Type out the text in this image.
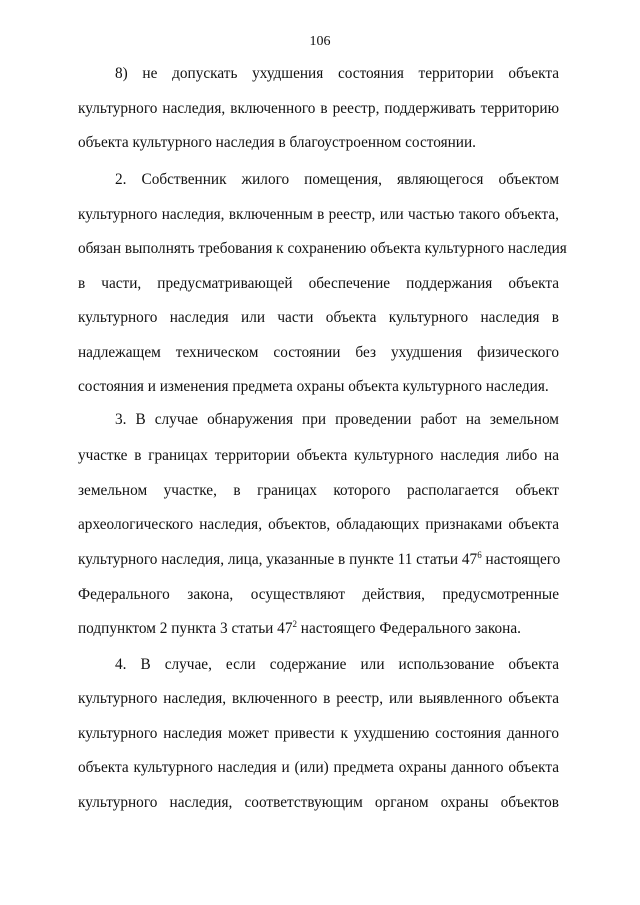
106
8) не допускать ухудшения состояния территории объекта
культурного наследия, включенного в реестр, поддерживать территорию
объекта культурного наследия в благоустроенном состоянии.
2. Собственник жилого помещения, являющегося объектом
культурного наследия, включенным в реестр, или частью такого объекта,
обязан выполнять требования к сохранению объекта культурного наследия
в части, предусматривающей обеспечение поддержания объекта
культурного наследия или части объекта культурного наследия в
надлежащем техническом состоянии без ухудшения физического
состояния и изменения предмета охраны объекта культурного наследия.
3. В случае обнаружения при проведении работ на земельном
участке в границах территории объекта культурного наследия либо на
земельном участке, в границах которого располагается объект
археологического наследия, объектов, обладающих признаками объекта
культурного наследия, лица, указанные в пункте 11 статьи $47^6$ настоящего
Федерального закона, осуществляют действия, предусмотренные
подпунктом 2 пункта 3 статьи $47^2$ настоящего Федерального закона.
4. В случае, если содержание или использование объекта
культурного наследия, включенного в реестр, или выявленного объекта
культурного наследия может привести к ухудшению состояния данного
объекта культурного наследия и (или) предмета охраны данного объекта
культурного наследия, соответствующим органом охраны объектов
